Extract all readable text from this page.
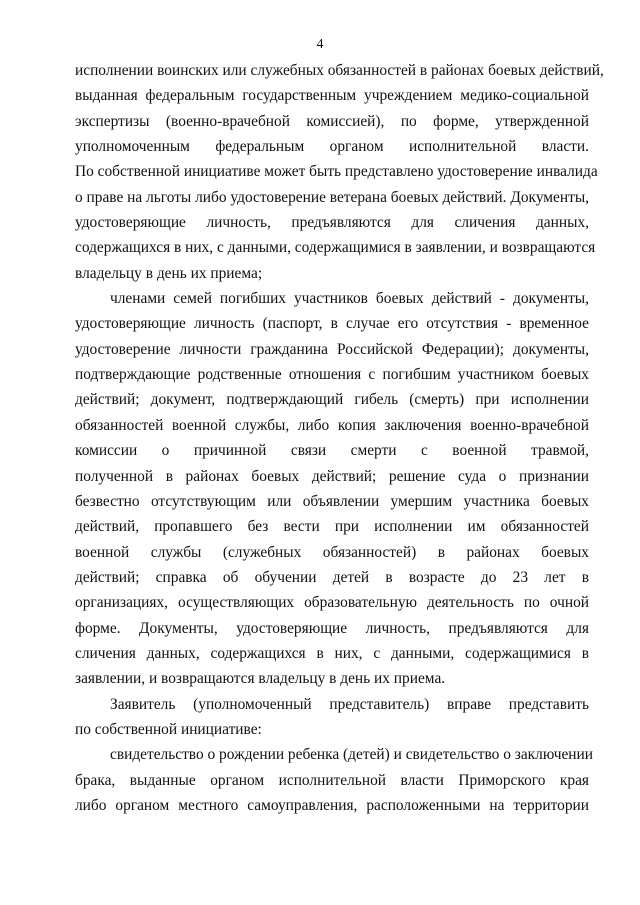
4
исполнении воинских или служебных обязанностей в районах боевых действий,
выданная федеральным государственным учреждением медико-социальной
экспертизы (военно-врачебной комиссией), по форме, утвержденной
уполномоченным федеральным органом исполнительной власти.
По собственной инициативе может быть представлено удостоверение инвалида
о праве на льготы либо удостоверение ветерана боевых действий. Документы,
удостоверяющие личность, предъявляются для сличения данных,
содержащихся в них, с данными, содержащимися в заявлении, и возвращаются
владельцу в день их приема;
членами семей погибших участников боевых действий - документы,
удостоверяющие личность (паспорт, в случае его отсутствия - временное
удостоверение личности гражданина Российской Федерации); документы,
подтверждающие родственные отношения с погибшим участником боевых
действий; документ, подтверждающий гибель (смерть) при исполнении
обязанностей военной службы, либо копия заключения военно-врачебной
комиссии о причинной связи смерти с военной травмой,
полученной в районах боевых действий; решение суда о признании
безвестно отсутствующим или объявлении умершим участника боевых
действий, пропавшего без вести при исполнении им обязанностей
военной службы (служебных обязанностей) в районах боевых
действий; справка об обучении детей в возрасте до 23 лет в
организациях, осуществляющих образовательную деятельность по очной
форме. Документы, удостоверяющие личность, предъявляются для
сличения данных, содержащихся в них, с данными, содержащимися в
заявлении, и возвращаются владельцу в день их приема.
Заявитель (уполномоченный представитель) вправе представить
по собственной инициативе:
свидетельство о рождении ребенка (детей) и свидетельство о заключении
брака, выданные органом исполнительной власти Приморского края
либо органом местного самоуправления, расположенными на территории
